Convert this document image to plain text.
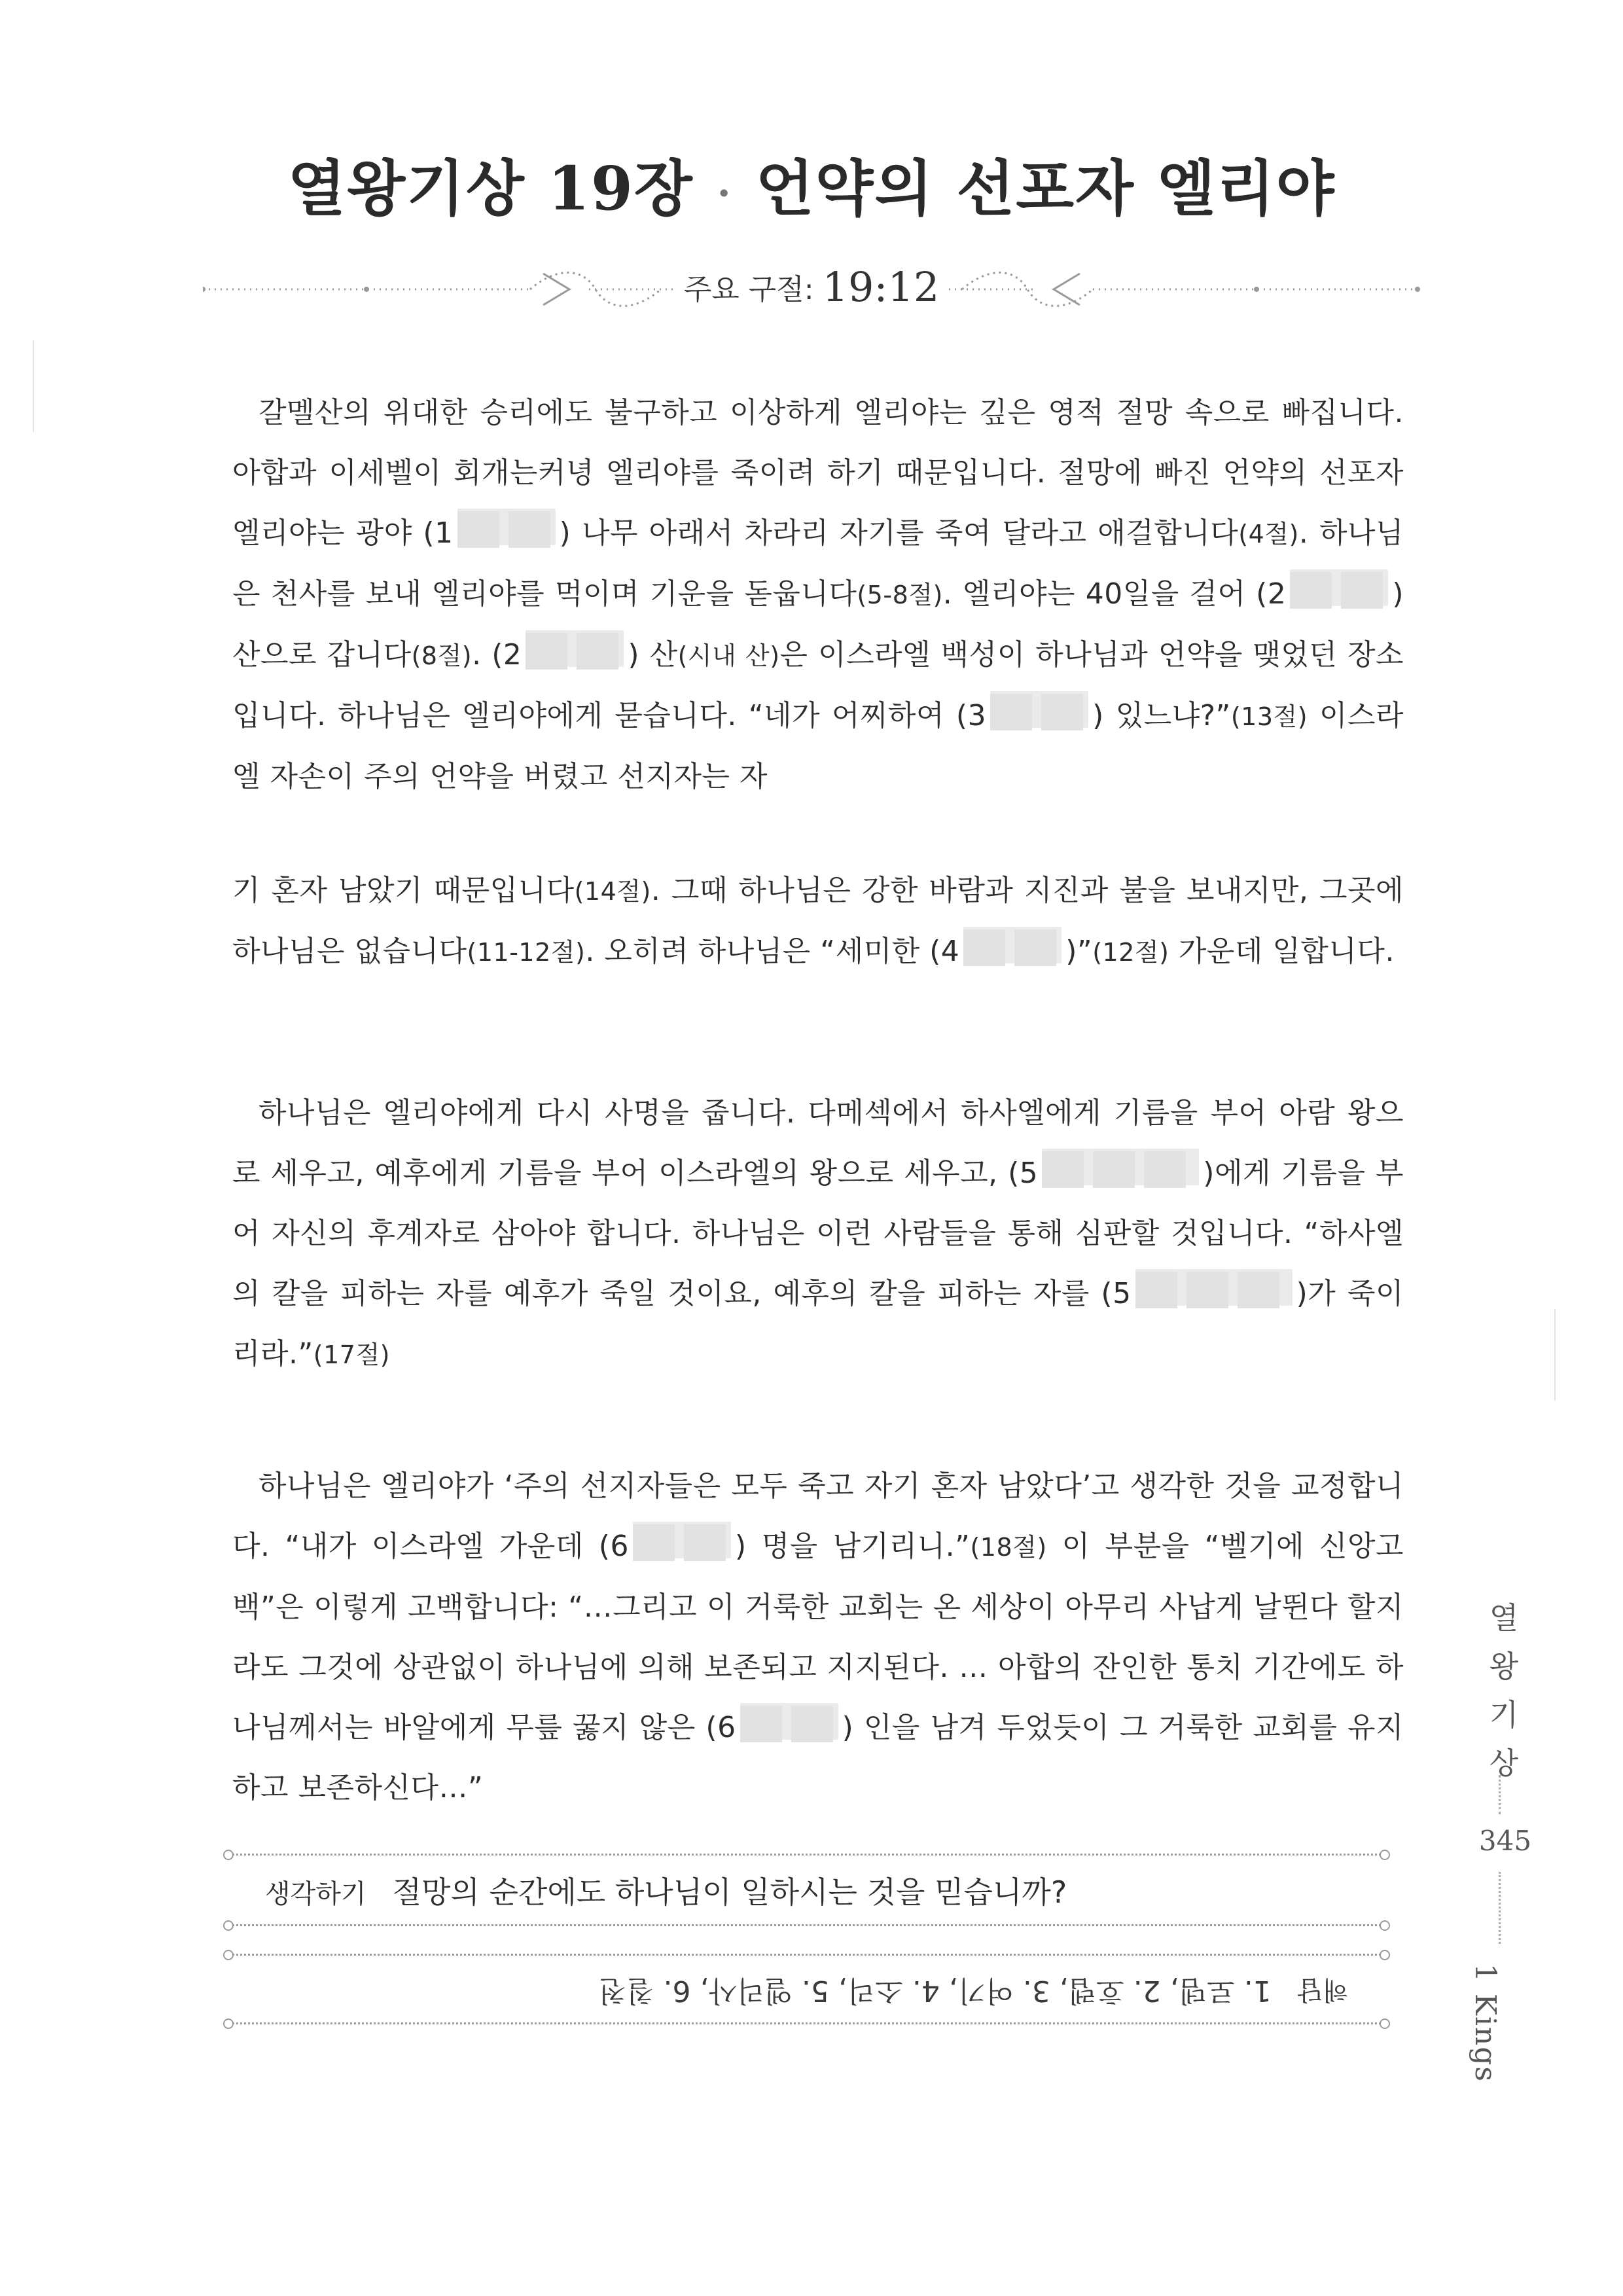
열왕기상 19장 · 언약의 선포자 엘리야
주요 구절: 19:12
갈멜산의 위대한 승리에도 불구하고 이상하게 엘리야는 깊은 영적 절망 속으로 빠집니다. 아합과 이세벨이 회개는커녕 엘리야를 죽이려 하기 때문입니다. 절망에 빠진 언약의 선포자 엘리야는 광야 (1	) 나무 아래서 차라리 자기를 죽여 달라고 애걸합니다(4절). 하나님은 천사를 보내 엘리야를 먹이며 기운을 돋웁니다(5-8절). 엘리야는 40일을 걸어 (2	) 산으로 갑니다(8절). (2	) 산(시내 산)은 이스라엘 백성이 하나님과 언약을 맺었던 장소입니다. 하나님은 엘리야에게 묻습니다. “네가 어찌하여 (3	) 있느냐?”(13절) 이스라엘 자손이 주의 언약을 버렸고 선지자는 자
기 혼자 남았기 때문입니다(14절). 그때 하나님은 강한 바람과 지진과 불을 보내지만, 그곳에 하나님은 없습니다(11-12절). 오히려 하나님은 “세미한 (4	)”(12절) 가운데 일합니다.
하나님은 엘리야에게 다시 사명을 줍니다. 다메섹에서 하사엘에게 기름을 부어 아람 왕으로 세우고, 예후에게 기름을 부어 이스라엘의 왕으로 세우고, (5	)에게 기름을 부어 자신의 후계자로 삼아야 합니다. 하나님은 이런 사람들을 통해 심판할 것입니다. “하사엘의 칼을 피하는 자를 예후가 죽일 것이요, 예후의 칼을 피하는 자를 (5	)가 죽이리라.”(17절)
하나님은 엘리야가 ‘주의 선지자들은 모두 죽고 자기 혼자 남았다’고 생각한 것을 교정합니다. “내가 이스라엘 가운데 (6	) 명을 남기리니.”(18절) 이 부분을 “벨기에 신앙고백”은 이렇게 고백합니다: “…그리고 이 거룩한 교회는 온 세상이 아무리 사납게 날뛴다 할지라도 그것에 상관없이 하나님에 의해 보존되고 지지된다. … 아합의 잔인한 통치 기간에도 하나님께서는 바알에게 무릎 꿇지 않은 (6	) 인을 남겨 두었듯이 그 거룩한 교회를 유지하고 보존하신다…”
생각하기 절망의 순간에도 하나님이 일하시는 것을 믿습니까?
해답1. 로뎀, 2. 호렙, 3. 여기, 4. 소리, 5. 엘리사, 6. 칠천
열왕기상
345
1 Kings
